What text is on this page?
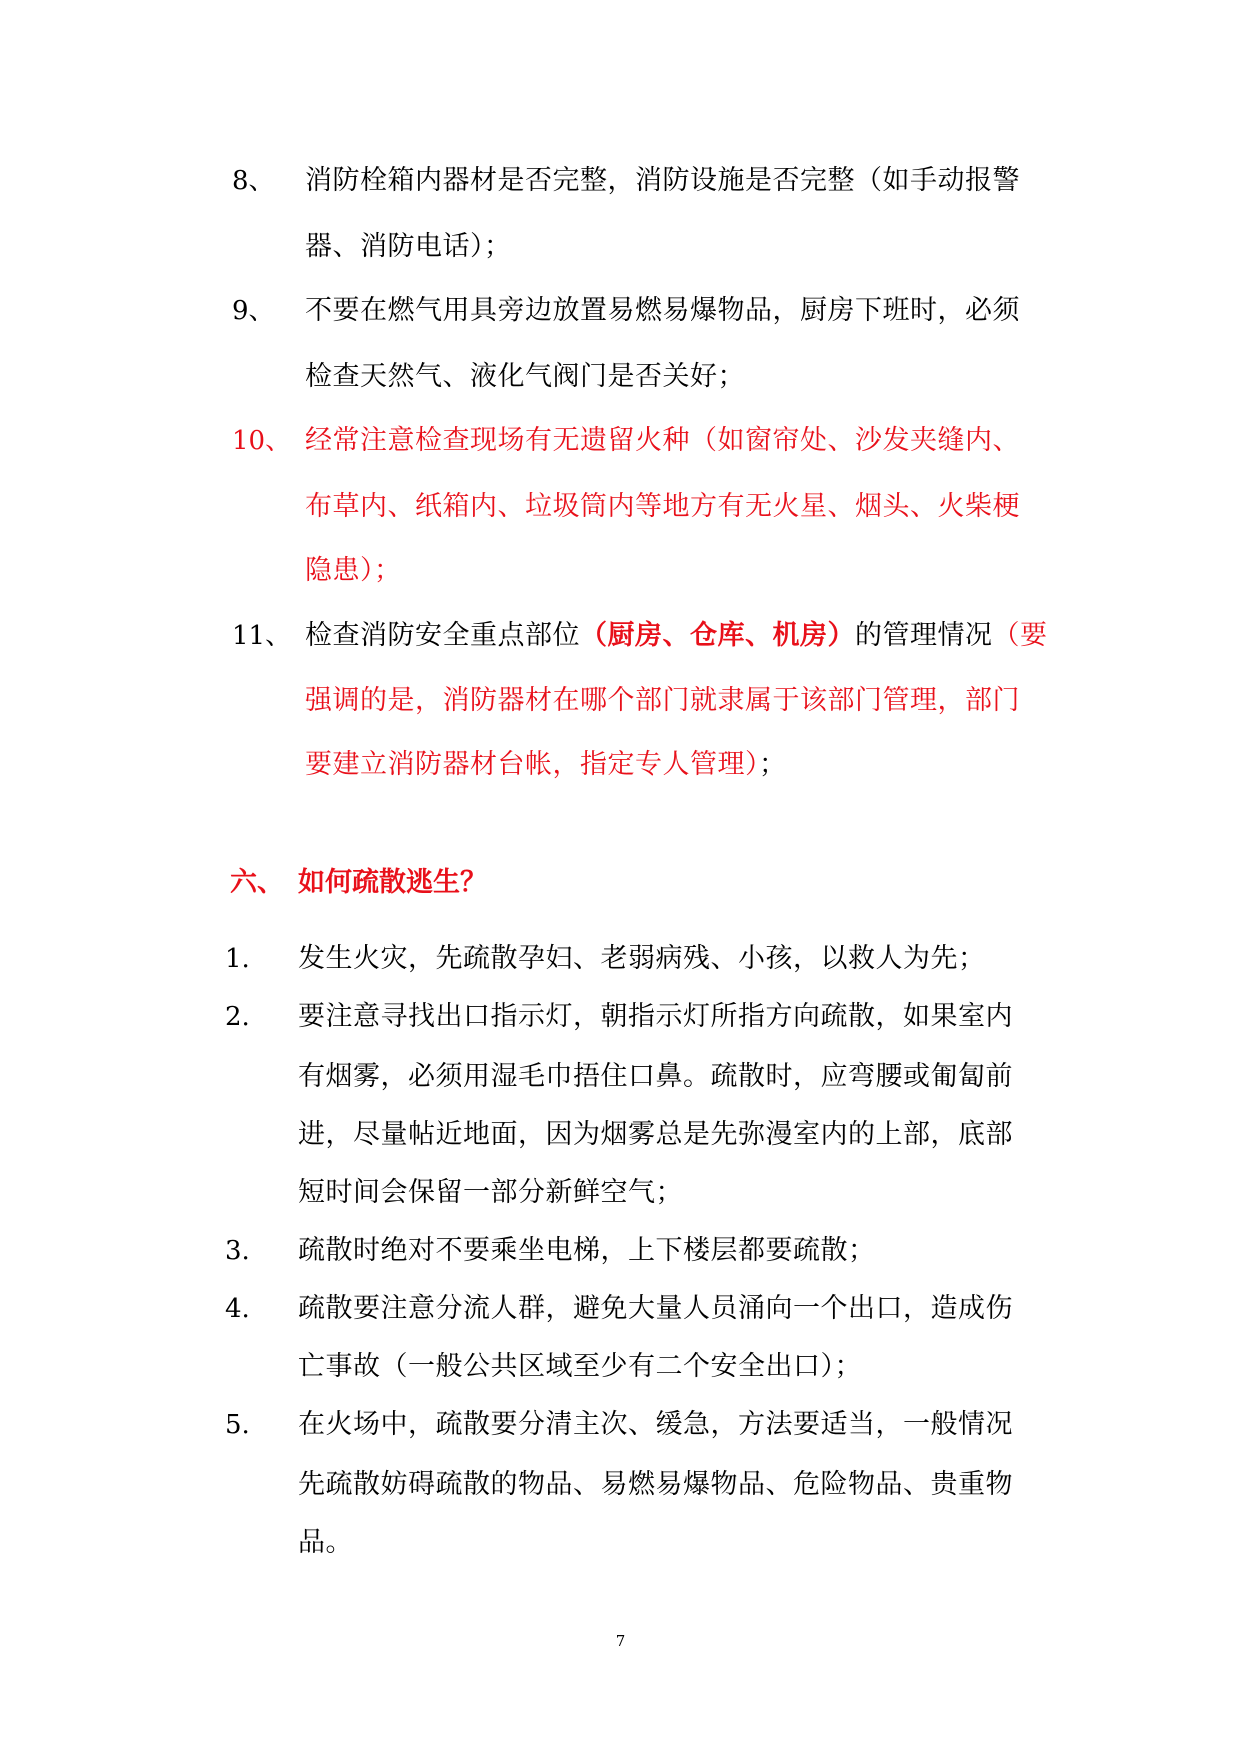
8、 消防栓箱内器材是否完整，消防设施是否完整（如手动报警
器、消防电话）；
9、 不要在燃气用具旁边放置易燃易爆物品，厨房下班时，必须
检查天然气、液化气阀门是否关好；
10、 经常注意检查现场有无遗留火种（如窗帘处、沙发夹缝内、
布草内、纸箱内、垃圾筒内等地方有无火星、烟头、火柴梗
隐患）；
11、 检查消防安全重点部位（厨房、仓库、机房）的管理情况（要
强调的是，消防器材在哪个部门就隶属于该部门管理，部门
要建立消防器材台帐，指定专人管理）；
六、 如何疏散逃生？
1. 发生火灾，先疏散孕妇、老弱病残、小孩，以救人为先；
2. 要注意寻找出口指示灯，朝指示灯所指方向疏散，如果室内
有烟雾，必须用湿毛巾捂住口鼻。疏散时，应弯腰或匍匐前
进，尽量帖近地面，因为烟雾总是先弥漫室内的上部，底部
短时间会保留一部分新鲜空气；
3. 疏散时绝对不要乘坐电梯，上下楼层都要疏散；
4. 疏散要注意分流人群，避免大量人员涌向一个出口，造成伤
亡事故（一般公共区域至少有二个安全出口）；
5. 在火场中，疏散要分清主次、缓急，方法要适当，一般情况
先疏散妨碍疏散的物品、易燃易爆物品、危险物品、贵重物
品。
7
